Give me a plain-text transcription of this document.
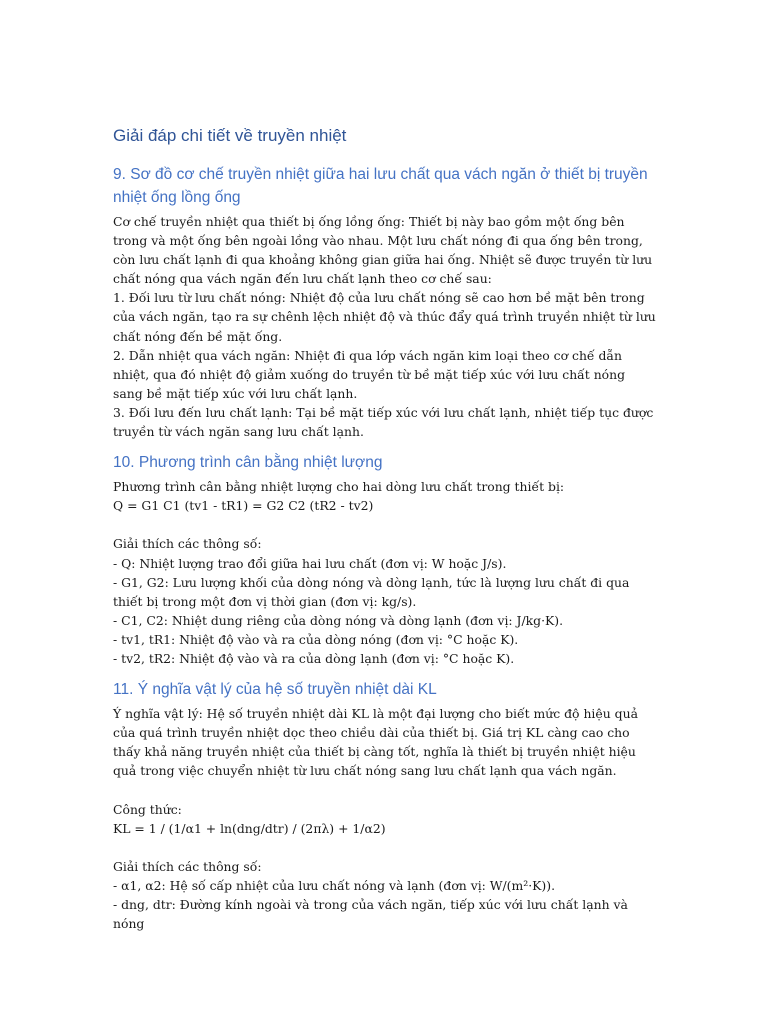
Giải đáp chi tiết về truyền nhiệt
9. Sơ đồ cơ chế truyền nhiệt giữa hai lưu chất qua vách ngăn ở thiết bị truyền nhiệt ống lồng ống

Cơ chế truyền nhiệt qua thiết bị ống lồng ống: Thiết bị này bao gồm một ống bên trong và một ống bên ngoài lồng vào nhau. Một lưu chất nóng đi qua ống bên trong, còn lưu chất lạnh đi qua khoảng không gian giữa hai ống. Nhiệt sẽ được truyền từ lưu chất nóng qua vách ngăn đến lưu chất lạnh theo cơ chế sau:

1. Đối lưu từ lưu chất nóng: Nhiệt độ của lưu chất nóng sẽ cao hơn bề mặt bên trong của vách ngăn, tạo ra sự chênh lệch nhiệt độ và thúc đẩy quá trình truyền nhiệt từ lưu chất nóng đến bề mặt ống.

2. Dẫn nhiệt qua vách ngăn: Nhiệt đi qua lớp vách ngăn kim loại theo cơ chế dẫn nhiệt, qua đó nhiệt độ giảm xuống do truyền từ bề mặt tiếp xúc với lưu chất nóng sang bề mặt tiếp xúc với lưu chất lạnh.

3. Đối lưu đến lưu chất lạnh: Tại bề mặt tiếp xúc với lưu chất lạnh, nhiệt tiếp tục được truyền từ vách ngăn sang lưu chất lạnh.

10. Phương trình cân bằng nhiệt lượng

Phương trình cân bằng nhiệt lượng cho hai dòng lưu chất trong thiết bị:

Q = G1 C1 (tv1 - tR1) = G2 C2 (tR2 - tv2)

Giải thích các thông số:

- Q: Nhiệt lượng trao đổi giữa hai lưu chất (đơn vị: W hoặc J/s).

- G1, G2: Lưu lượng khối của dòng nóng và dòng lạnh, tức là lượng lưu chất đi qua thiết bị trong một đơn vị thời gian (đơn vị: kg/s).

- C1, C2: Nhiệt dung riêng của dòng nóng và dòng lạnh (đơn vị: J/kg·K).

- tv1, tR1: Nhiệt độ vào và ra của dòng nóng (đơn vị: °C hoặc K).

- tv2, tR2: Nhiệt độ vào và ra của dòng lạnh (đơn vị: °C hoặc K).

11. Ý nghĩa vật lý của hệ số truyền nhiệt dài KL

Ý nghĩa vật lý: Hệ số truyền nhiệt dài KL là một đại lượng cho biết mức độ hiệu quả của quá trình truyền nhiệt dọc theo chiều dài của thiết bị. Giá trị KL càng cao cho thấy khả năng truyền nhiệt của thiết bị càng tốt, nghĩa là thiết bị truyền nhiệt hiệu quả trong việc chuyển nhiệt từ lưu chất nóng sang lưu chất lạnh qua vách ngăn.

Công thức:

KL = 1 / (1/α1 + ln(dng/dtr) / (2πλ) + 1/α2)

Giải thích các thông số:

- α1, α2: Hệ số cấp nhiệt của lưu chất nóng và lạnh (đơn vị: W/(m²·K)).

- dng, dtr: Đường kính ngoài và trong của vách ngăn, tiếp xúc với lưu chất lạnh và nóng
